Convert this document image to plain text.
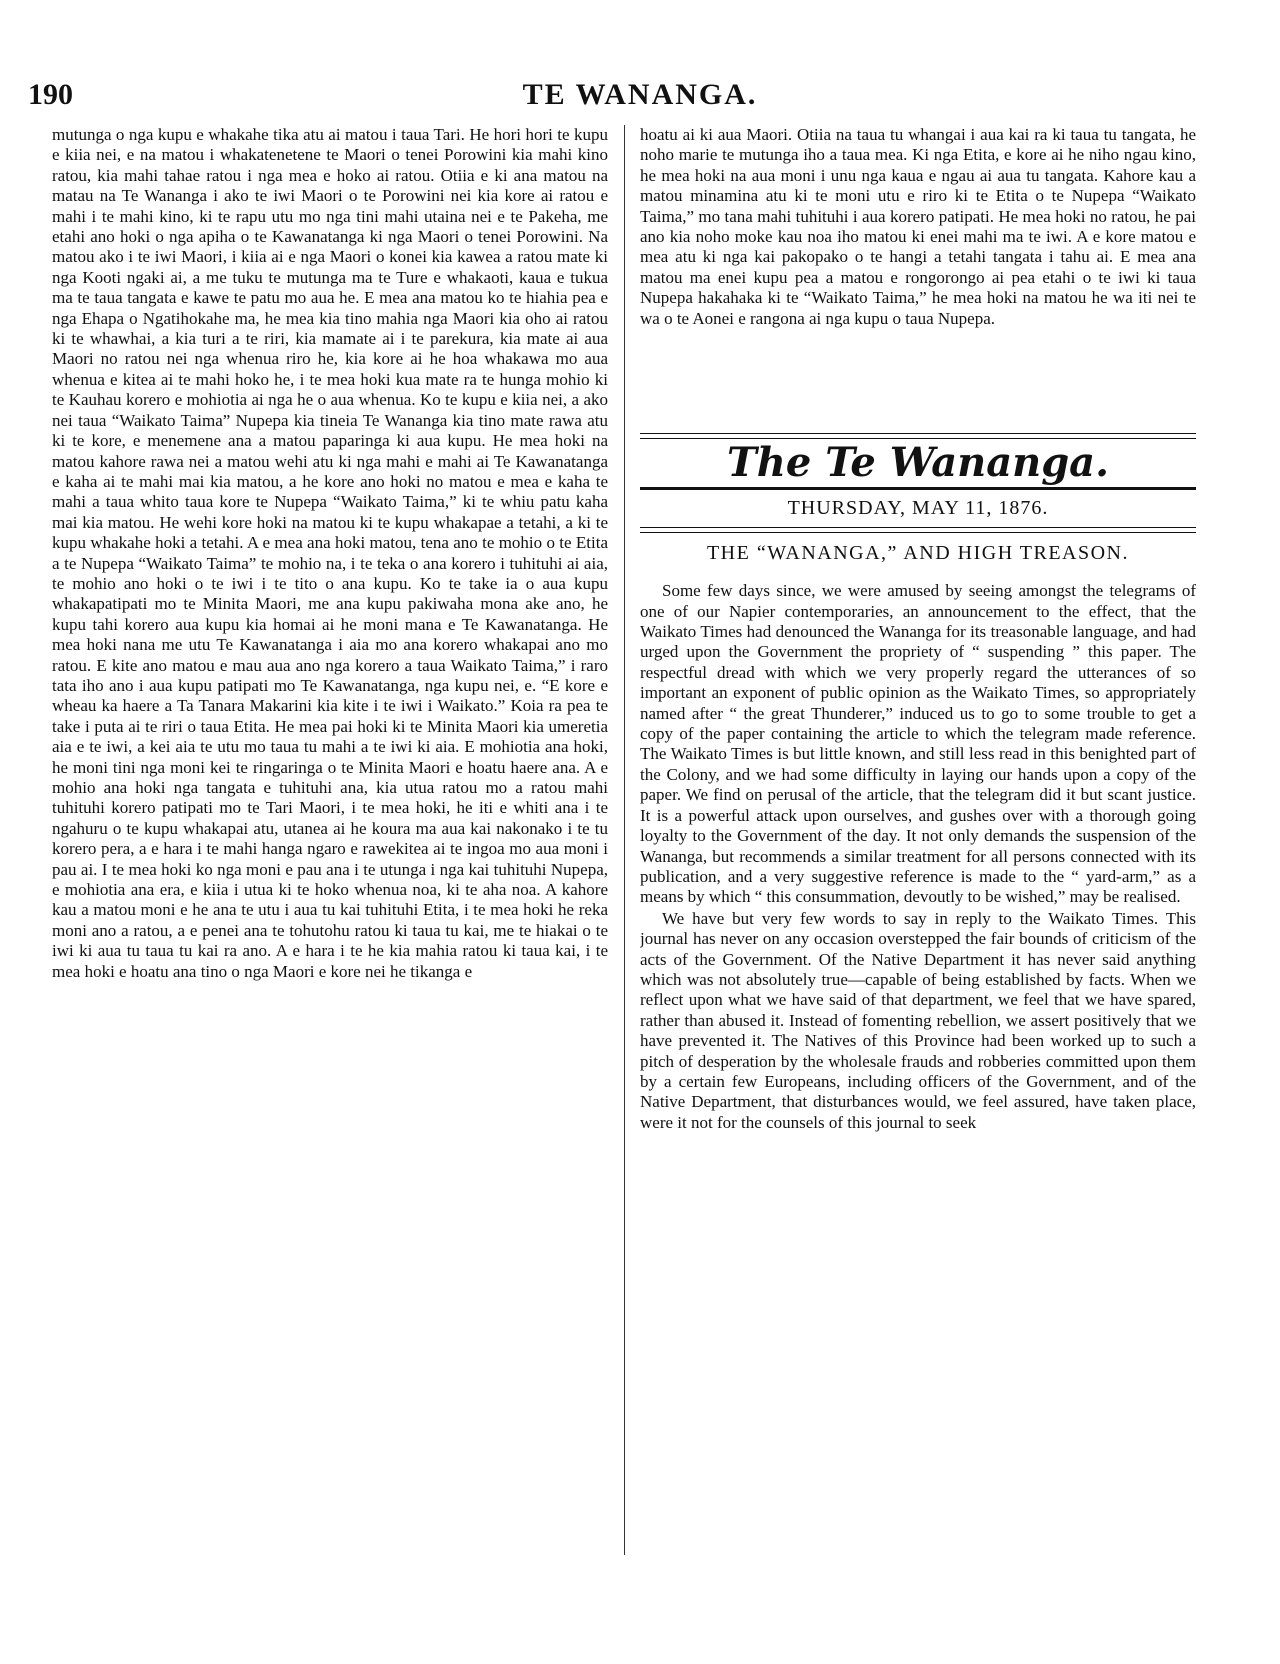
190	TE WANANGA.

mutunga o nga kupu e whakahe tika atu ai matou i taua Tari. He hori hori te kupu e kiia nei, e na matou i whakatenetene te Maori o tenei Porowini kia mahi kino ratou, kia mahi tahae ratou i nga mea e hoko ai ratou. Otiia e ki ana matou na matau na Te Wananga i ako te iwi Maori o te Porowini nei kia kore ai ratou e mahi i te mahi kino, ki te rapu utu mo nga tini mahi utaina nei e te Pakeha, me etahi ano hoki o nga apiha o te Kawanatanga ki nga Maori o tenei Porowini. Na matou ako i te iwi Maori, i kiia ai e nga Maori o konei kia kawea a ratou mate ki nga Kooti ngaki ai, a me tuku te mutunga ma te Ture e whakaoti, kaua e tukua ma te taua tangata e kawe te patu mo aua he. E mea ana matou ko te hiahia pea e nga Ehapa o Ngatihokahe ma, he mea kia tino mahia nga Maori kia oho ai ratou ki te whawhai, a kia turi a te riri, kia mamate ai i te parekura, kia mate ai aua Maori no ratou nei nga whenua riro he, kia kore ai he hoa whakawa mo aua whenua e kitea ai te mahi hoko he, i te mea hoki kua mate ra te hunga mohio ki te Kauhau korero e mohiotia ai nga he o aua whenua. Ko te kupu e kiia nei, a ako nei taua “Waikato Taima” Nupepa kia tineia Te Wananga kia tino mate rawa atu ki te kore, e menemene ana a matou paparinga ki aua kupu. He mea hoki na matou kahore rawa nei a matou wehi atu ki nga mahi e mahi ai Te Kawanatanga e kaha ai te mahi mai kia matou, a he kore ano hoki no matou e mea e kaha te mahi a taua whito taua kore te Nupepa “Waikato Taima,” ki te whiu patu kaha mai kia matou. He wehi kore hoki na matou ki te kupu whakapae a tetahi, a ki te kupu whakahe hoki a tetahi. A e mea ana hoki matou, tena ano te mohio o te Etita a te Nupepa “Waikato Taima” te mohio na, i te teka o ana korero i tuhituhi ai aia, te mohio ano hoki o te iwi i te tito o ana kupu. Ko te take ia o aua kupu whakapatipati mo te Minita Maori, me ana kupu pakiwaha mona ake ano, he kupu tahi korero aua kupu kia homai ai he moni mana e Te Kawanatanga. He mea hoki nana me utu Te Kawanatanga i aia mo ana korero whakapai ano mo ratou. E kite ano matou e mau aua ano nga korero a taua Waikato Taima,” i raro tata iho ano i aua kupu patipati mo Te Kawanatanga, nga kupu nei, e. “E kore e wheau ka haere a Ta Tanara Makarini kia kite i te iwi i Waikato.” Koia ra pea te take i puta ai te riri o taua Etita. He mea pai hoki ki te Minita Maori kia umeretia aia e te iwi, a kei aia te utu mo taua tu mahi a te iwi ki aia. E mohiotia ana hoki, he moni tini nga moni kei te ringaringa o te Minita Maori e hoatu haere ana. A e mohio ana hoki nga tangata e tuhituhi ana, kia utua ratou mo a ratou mahi tuhituhi korero patipati mo te Tari Maori, i te mea hoki, he iti e whiti ana i te ngahuru o te kupu whakapai atu, utanea ai he koura ma aua kai nakonako i te tu korero pera, a e hara i te mahi hanga ngaro e rawekitea ai te ingoa mo aua moni i pau ai. I te mea hoki ko nga moni e pau ana i te utunga i nga kai tuhituhi Nupepa, e mohiotia ana era, e kiia i utua ki te hoko whenua noa, ki te aha noa. A kahore kau a matou moni e he ana te utu i aua tu kai tuhituhi Etita, i te mea hoki he reka moni ano a ratou, a e penei ana te tohutohu ratou ki taua tu kai, me te hiakai o te iwi ki aua tu taua tu kai ra ano. A e hara i te he kia mahia ratou ki taua kai, i te mea hoki e hoatu ana tino o nga Maori e kore nei he tikanga e

hoatu ai ki aua Maori. Otiia na taua tu whangai i aua kai ra ki taua tu tangata, he noho marie te mutunga iho a taua mea. Ki nga Etita, e kore ai he niho ngau kino, he mea hoki na aua moni i unu nga kaua e ngau ai aua tu tangata. Kahore kau a matou minamina atu ki te moni utu e riro ki te Etita o te Nupepa “Waikato Taima,” mo tana mahi tuhituhi i aua korero patipati. He mea hoki no ratou, he pai ano kia noho moke kau noa iho matou ki enei mahi ma te iwi. A e kore matou e mea atu ki nga kai pakopako o te hangi a tetahi tangata i tahu ai. E mea ana matou ma enei kupu pea a matou e rongorongo ai pea etahi o te iwi ki taua Nupepa hakahaka ki te “Waikato Taima,” he mea hoki na matou he wa iti nei te wa o te Aonei e rangona ai nga kupu o taua Nupepa.

The Te Wananga.
THURSDAY, MAY 11, 1876.
THE “WANANGA,” AND HIGH TREASON.

Some few days since, we were amused by seeing amongst the telegrams of one of our Napier contemporaries, an announcement to the effect, that the Waikato Times had denounced the Wananga for its treasonable language, and had urged upon the Government the propriety of “ suspending ” this paper. The respectful dread with which we very properly regard the utterances of so important an exponent of public opinion as the Waikato Times, so appropriately named after “ the great Thunderer,” induced us to go to some trouble to get a copy of the paper containing the article to which the telegram made reference. The Waikato Times is but little known, and still less read in this benighted part of the Colony, and we had some difficulty in laying our hands upon a copy of the paper. We find on perusal of the article, that the telegram did it but scant justice. It is a powerful attack upon ourselves, and gushes over with a thorough going loyalty to the Government of the day. It not only demands the suspension of the Wananga, but recommends a similar treatment for all persons connected with its publication, and a very suggestive reference is made to the “ yard-arm,” as a means by which “ this consummation, devoutly to be wished,” may be realised.

We have but very few words to say in reply to the Waikato Times. This journal has never on any occasion overstepped the fair bounds of criticism of the acts of the Government. Of the Native Department it has never said anything which was not absolutely true—capable of being established by facts. When we reflect upon what we have said of that department, we feel that we have spared, rather than abused it. Instead of fomenting rebellion, we assert positively that we have prevented it. The Natives of this Province had been worked up to such a pitch of desperation by the wholesale frauds and robberies committed upon them by a certain few Europeans, including officers of the Government, and of the Native Department, that disturbances would, we feel assured, have taken place, were it not for the counsels of this journal to seek
